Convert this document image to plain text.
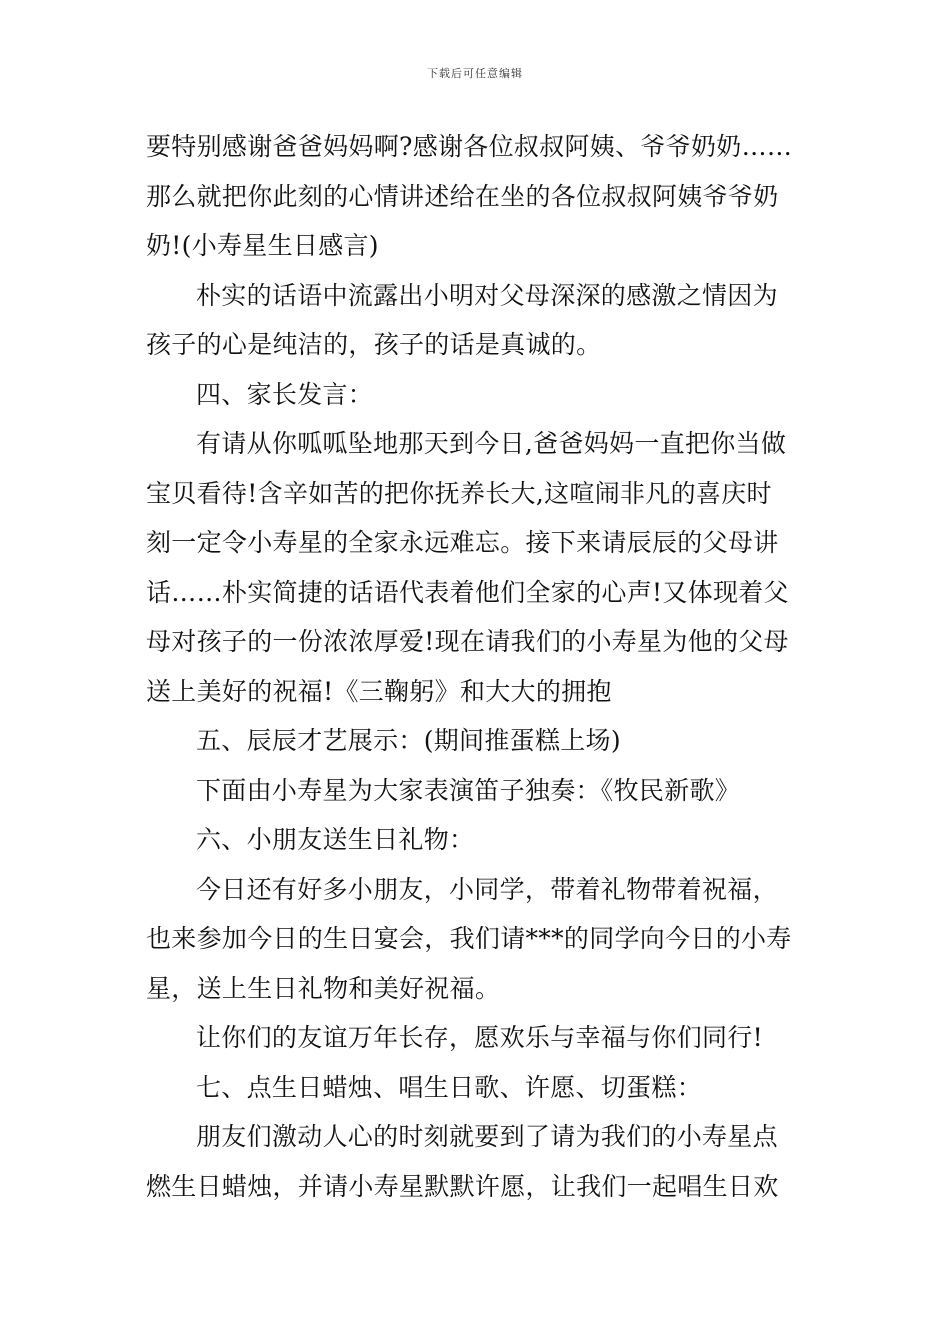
下载后可任意编辑

要特别感谢爸爸妈妈啊?感谢各位叔叔阿姨、爷爷奶奶……
那么就把你此刻的心情讲述给在坐的各位叔叔阿姨爷爷奶
奶!(小寿星生日感言)

朴实的话语中流露出小明对父母深深的感激之情因为
孩子的心是纯洁的，孩子的话是真诚的。

四、家长发言：

有请从你呱呱坠地那天到今日,爸爸妈妈一直把你当做
宝贝看待!含辛如苦的把你抚养长大,这喧闹非凡的喜庆时
刻一定令小寿星的全家永远难忘。接下来请辰辰的父母讲
话……朴实简捷的话语代表着他们全家的心声!又体现着父
母对孩子的一份浓浓厚爱!现在请我们的小寿星为他的父母
送上美好的祝福!《三鞠躬》和大大的拥抱

五、辰辰才艺展示：(期间推蛋糕上场)

下面由小寿星为大家表演笛子独奏：《牧民新歌》

六、小朋友送生日礼物：

今日还有好多小朋友，小同学，带着礼物带着祝福，
也来参加今日的生日宴会，我们请***的同学向今日的小寿
星，送上生日礼物和美好祝福。

让你们的友谊万年长存，愿欢乐与幸福与你们同行!

七、点生日蜡烛、唱生日歌、许愿、切蛋糕：

朋友们激动人心的时刻就要到了请为我们的小寿星点
燃生日蜡烛，并请小寿星默默许愿，让我们一起唱生日欢
